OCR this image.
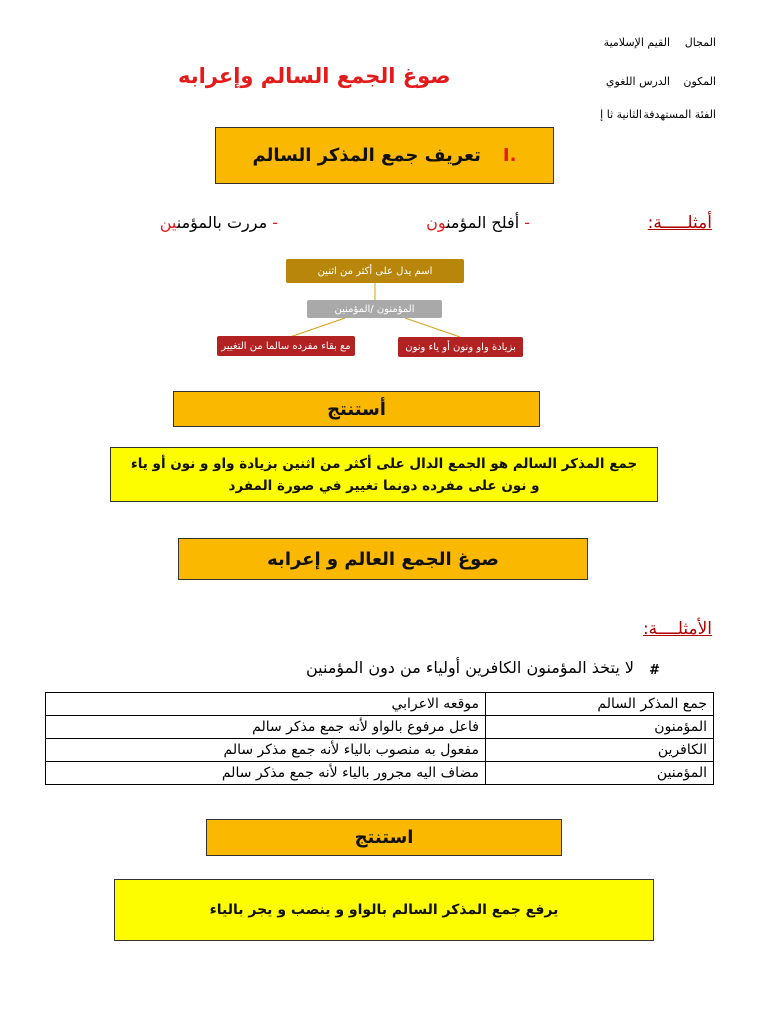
المجال
القيم الإسلامية
المكون
الدرس اللغوي
الفئة المستهدفة
الثانية ثا إ
صوغ الجمع السالم وإعرابه
I.
تعريف جمع المذكر السالم
أمثلـــــة:
- أفلح المؤمنون
- مررت بالمؤمنين
اسم يدل على أكثر من اثنين
المؤمنون /المؤمنين
بزيادة واو ونون أو ياء ونون
مع بقاء مفرده سالما من التغيير
أستنتج
جمع المذكر السالم هو الجمع الدال على أكثر من اثنين بزيادة واو و نون أو ياء
و نون على مفرده دونما تغيير في صورة المفرد
صوغ الجمع العالم و إعرابه
الأمثلــــة:
#
لا يتخذ المؤمنون الكافرين أولياء من دون المؤمنين
جمع المذكر السالم	موقعه الاعرابي
المؤمنون	فاعل مرفوع بالواو لأنه جمع مذكر سالم
الكافرين	مفعول به منصوب بالياء لأنه جمع مذكر سالم
المؤمنين	مضاف اليه مجرور بالياء لأنه جمع مذكر سالم
استنتج
يرفع جمع المذكر السالم بالواو و ينصب و يجر بالياء
